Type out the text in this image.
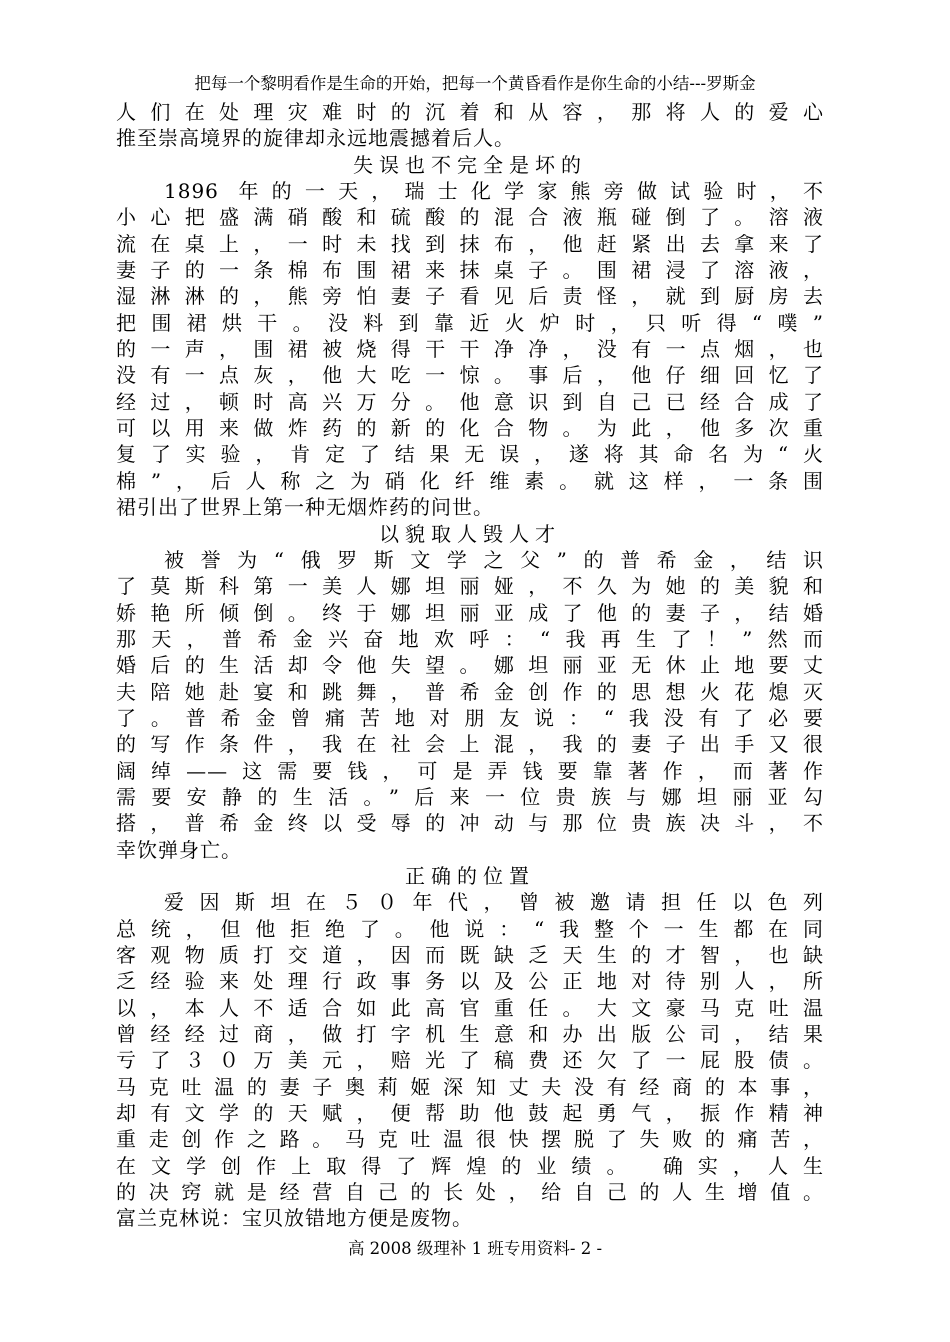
把每一个黎明看作是生命的开始，把每一个黄昏看作是你生命的小结---罗斯金
人们在处理灾难时的沉着和从容，那将人的爱心
推至崇高境界的旋律却永远地震撼着后人。
失误也不完全是坏的
1896 年的一天，瑞士化学家熊旁做试验时，不
小心把盛满硝酸和硫酸的混合液瓶碰倒了。溶液
流在桌上，一时未找到抹布，他赶紧出去拿来了
妻子的一条棉布围裙来抹桌子。围裙浸了溶液，
湿淋淋的，熊旁怕妻子看见后责怪，就到厨房去
把围裙烘干。没料到靠近火炉时，只听得“噗”
的一声，围裙被烧得干干净净，没有一点烟，也
没有一点灰，他大吃一惊。事后，他仔细回忆了
经过，顿时高兴万分。他意识到自己已经合成了
可以用来做炸药的新的化合物。为此，他多次重
复了实验，肯定了结果无误，遂将其命名为“火
棉”，后人称之为硝化纤维素。就这样，一条围
裙引出了世界上第一种无烟炸药的问世。
以貌取人毁人才
被誉为“俄罗斯文学之父”的普希金，结识
了莫斯科第一美人娜坦丽娅，不久为她的美貌和
娇艳所倾倒。终于娜坦丽亚成了他的妻子，结婚
那天，普希金兴奋地欢呼：“我再生了！”然而
婚后的生活却令他失望。娜坦丽亚无休止地要丈
夫陪她赴宴和跳舞，普希金创作的思想火花熄灭
了。普希金曾痛苦地对朋友说：“我没有了必要
的写作条件，我在社会上混，我的妻子出手又很
阔绰——这需要钱，可是弄钱要靠著作，而著作
需要安静的生活。”后来一位贵族与娜坦丽亚勾
搭，普希金终以受辱的冲动与那位贵族决斗，不
幸饮弹身亡。
正确的位置
爱因斯坦在５０年代，曾被邀请担任以色列
总统，但他拒绝了。他说：“我整个一生都在同
客观物质打交道，因而既缺乏天生的才智，也缺
乏经验来处理行政事务以及公正地对待别人，所
以，本人不适合如此高官重任。大文豪马克吐温
曾经经过商，做打字机生意和办出版公司，结果
亏了３０万美元，赔光了稿费还欠了一屁股债。
马克吐温的妻子奥莉姬深知丈夫没有经商的本事，
却有文学的天赋，便帮助他鼓起勇气，振作精神
重走创作之路。马克吐温很快摆脱了失败的痛苦，
在文学创作上取得了辉煌的业绩。 确实，人生
的决窍就是经营自己的长处，给自己的人生增值。
富兰克林说：宝贝放错地方便是废物。
高 2008 级理补 1 班专用资料- 2 -
